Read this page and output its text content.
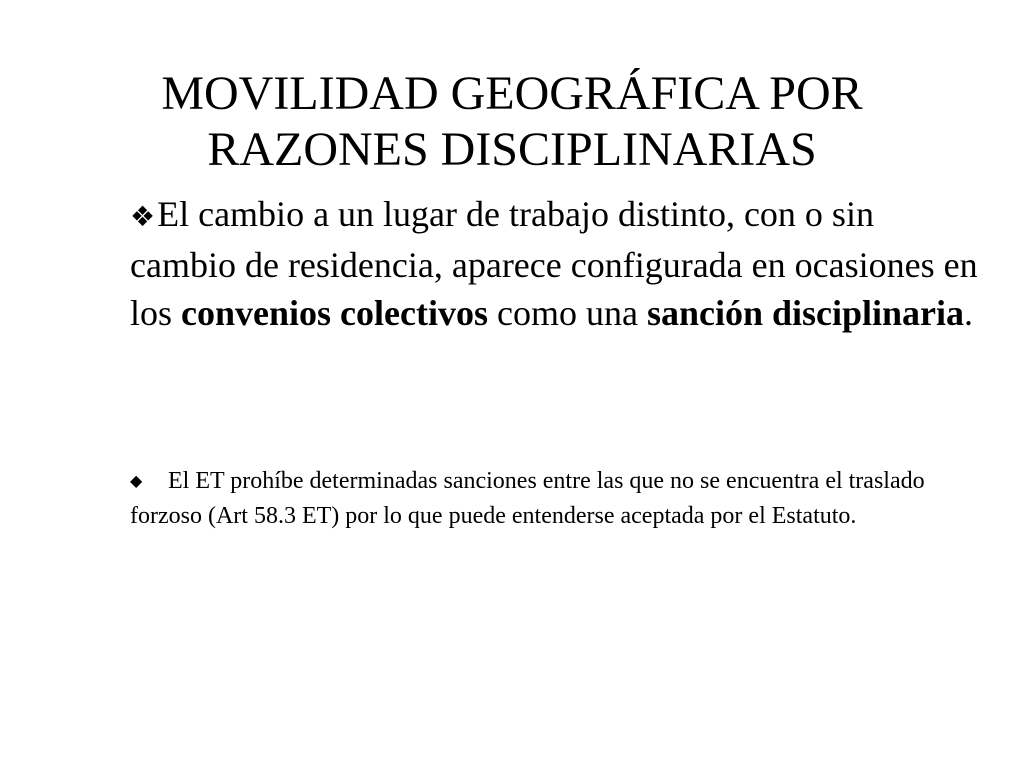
MOVILIDAD GEOGRÁFICA POR
RAZONES DISCIPLINARIAS
❖El cambio a un lugar de trabajo distinto, con o sin cambio de residencia, aparece configurada en ocasiones en los convenios colectivos como una sanción disciplinaria.
◆ El ET prohíbe determinadas sanciones entre las que no se encuentra el traslado forzoso (Art 58.3 ET) por lo que puede entenderse aceptada por el Estatuto.
